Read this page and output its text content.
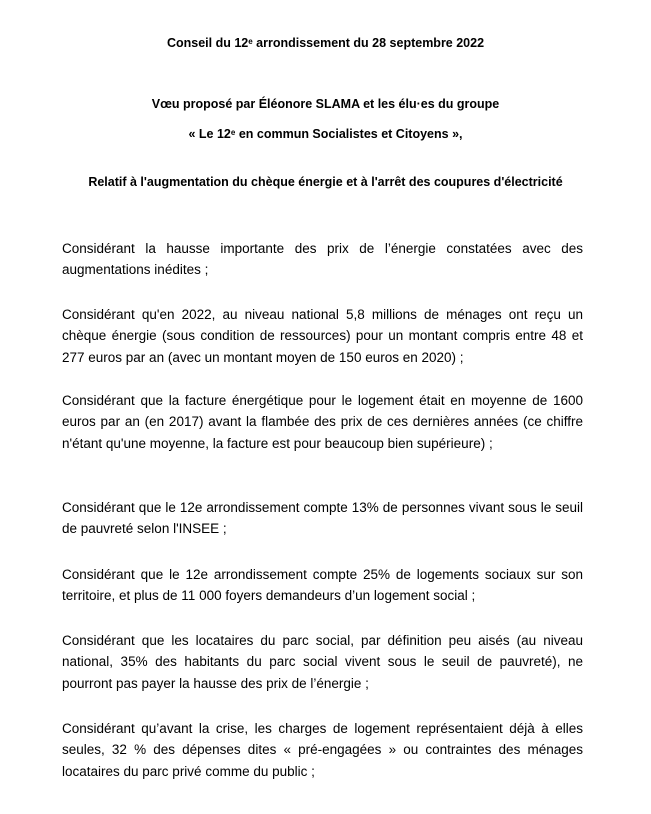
Conseil du 12e arrondissement du 28 septembre 2022
Vœu proposé par Éléonore SLAMA et les élu·es du groupe
« Le 12e en commun Socialistes et Citoyens »,
Relatif à l'augmentation du chèque énergie et à l'arrêt des coupures d'électricité

Considérant la hausse importante des prix de l’énergie constatées avec des augmentations inédites ;

Considérant qu'en 2022, au niveau national 5,8 millions de ménages ont reçu un chèque énergie (sous condition de ressources) pour un montant compris entre 48 et 277 euros par an (avec un montant moyen de 150 euros en 2020) ;

Considérant que la facture énergétique pour le logement était en moyenne de 1600 euros par an (en 2017) avant la flambée des prix de ces dernières années (ce chiffre n'étant qu'une moyenne, la facture est pour beaucoup bien supérieure) ;

Considérant que le 12e arrondissement compte 13% de personnes vivant sous le seuil de pauvreté selon l'INSEE ;

Considérant que le 12e arrondissement compte 25% de logements sociaux sur son territoire, et plus de 11 000 foyers demandeurs d’un logement social ;

Considérant que les locataires du parc social, par définition peu aisés (au niveau national, 35% des habitants du parc social vivent sous le seuil de pauvreté), ne pourront pas payer la hausse des prix de l’énergie ;

Considérant qu’avant la crise, les charges de logement représentaient déjà à elles seules, 32 % des dépenses dites « pré-engagées » ou contraintes des ménages locataires du parc privé comme du public ;
